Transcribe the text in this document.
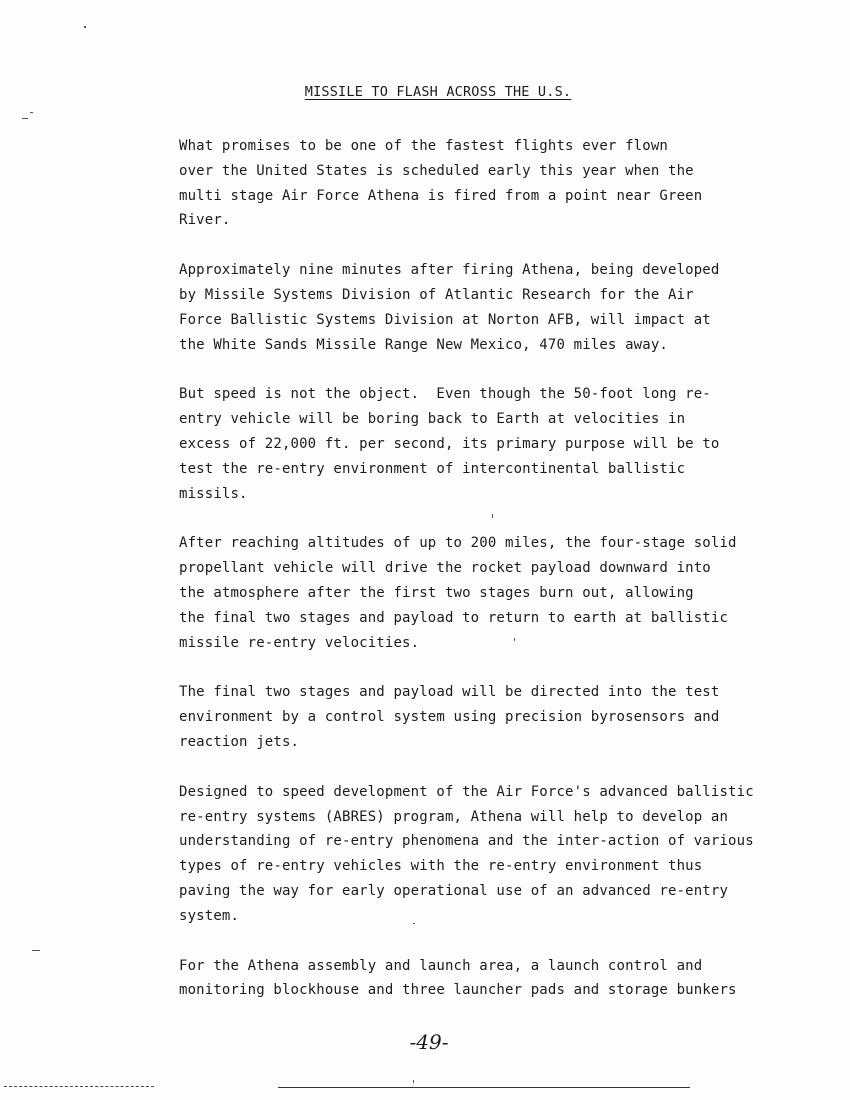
MISSILE TO FLASH ACROSS THE U.S.
What promises to be one of the fastest flights ever flown
over the United States is scheduled early this year when the
multi stage Air Force Athena is fired from a point near Green
River.
Approximately nine minutes after firing Athena, being developed
by Missile Systems Division of Atlantic Research for the Air
Force Ballistic Systems Division at Norton AFB, will impact at
the White Sands Missile Range New Mexico, 470 miles away.
But speed is not the object.  Even though the 50-foot long re-
entry vehicle will be boring back to Earth at velocities in
excess of 22,000 ft. per second, its primary purpose will be to
test the re-entry environment of intercontinental ballistic
missils.
After reaching altitudes of up to 200 miles, the four-stage solid
propellant vehicle will drive the rocket payload downward into
the atmosphere after the first two stages burn out, allowing
the final two stages and payload to return to earth at ballistic
missile re-entry velocities.
The final two stages and payload will be directed into the test
environment by a control system using precision byrosensors and
reaction jets.
Designed to speed development of the Air Force's advanced ballistic
re-entry systems (ABRES) program, Athena will help to develop an
understanding of re-entry phenomena and the inter-action of various
types of re-entry vehicles with the re-entry environment thus
paving the way for early operational use of an advanced re-entry
system.
For the Athena assembly and launch area, a launch control and
monitoring blockhouse and three launcher pads and storage bunkers
-49-
